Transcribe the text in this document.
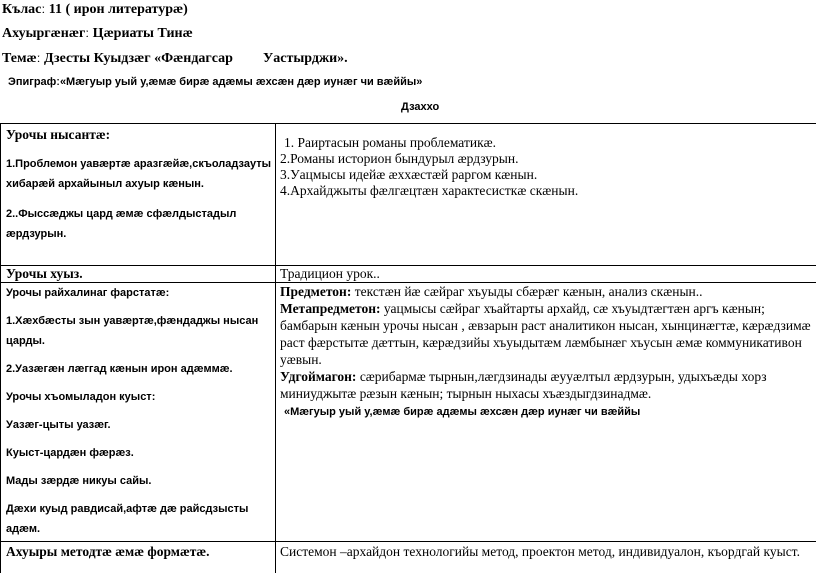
Къласː 11 ( ирон литературæ)
Ахуыргæнæгː Цæриаты Тинæ
Темæː Дзесты Куыдзæг «Фæндагсар Уастырджи».
Эпиграфː«Мæгуыр уый у,æмæ бирæ адæмы æхсæн дæр иунæг чи вæййы»
Дзаххо
Урочы нысантæ:
1.Проблемон уавæртæ аразгæйæ,скъоладзауты хибарæй архайыныл ахуыр кæнын.
2..Фыссæджы цард æмæ сфæлдыстадыл æрдзурын.
1. Раиртасын романы проблематикæ.
2.Романы историон бындурыл æрдзурын.
3.Уацмысы идейæ æххæстæй раргом кæнын.
4.Архайджыты фæлгæцтæн характесисткæ скæнын.
Урочы хуыз.	Традицион урок..
Урочы райхалинаг фарстатæ:
1.Хæхбæсты зын уавæртæ,фæндаджы нысан царды.
2.Уазæгæн лæггад кæнын ирон адæммæ.
Урочы хъомыладон куыст:
Уазæг-цыты уазæг.
Куыст-цардæн фæрæз.
Мады зæрдæ никуы сайы.
Дæхи куыд равдисай,афтæ дæ райсдзысты адæм.
Предметон: текстæн йæ сæйраг хъуыды сбæрæг кæнын, анализ скæнын..
Метапредметон: уацмысы сæйраг хъайтарты архайд, сæ хъуыдтæгтæн аргъ кæнын; бамбарын кæнын урочы нысан , æвзарын раст аналитикон нысан, хынцинæгтæ, кæрæдзимæ раст фæрстытæ дæттын, кæрæдзийы хъуыдытæм лæмбынæг хъусын æмæ коммуникативон уæвын.
Удгоймагон: сæрибармæ тырнын,лæгдзинады æууæлтыл æрдзурын, удыхъæды хорз миниуджытæ рæзын кæнын; тырнын ныхасы хъæздыгдзинадмæ.
«Мæгуыр уый у,æмæ бирæ адæмы æхсæн дæр иунæг чи вæййы
Ахуыры методтæ æмæ формæтæ.	Системон –архайдон технологийы метод, проектон метод, индивидуалон, къордгай куыст.
